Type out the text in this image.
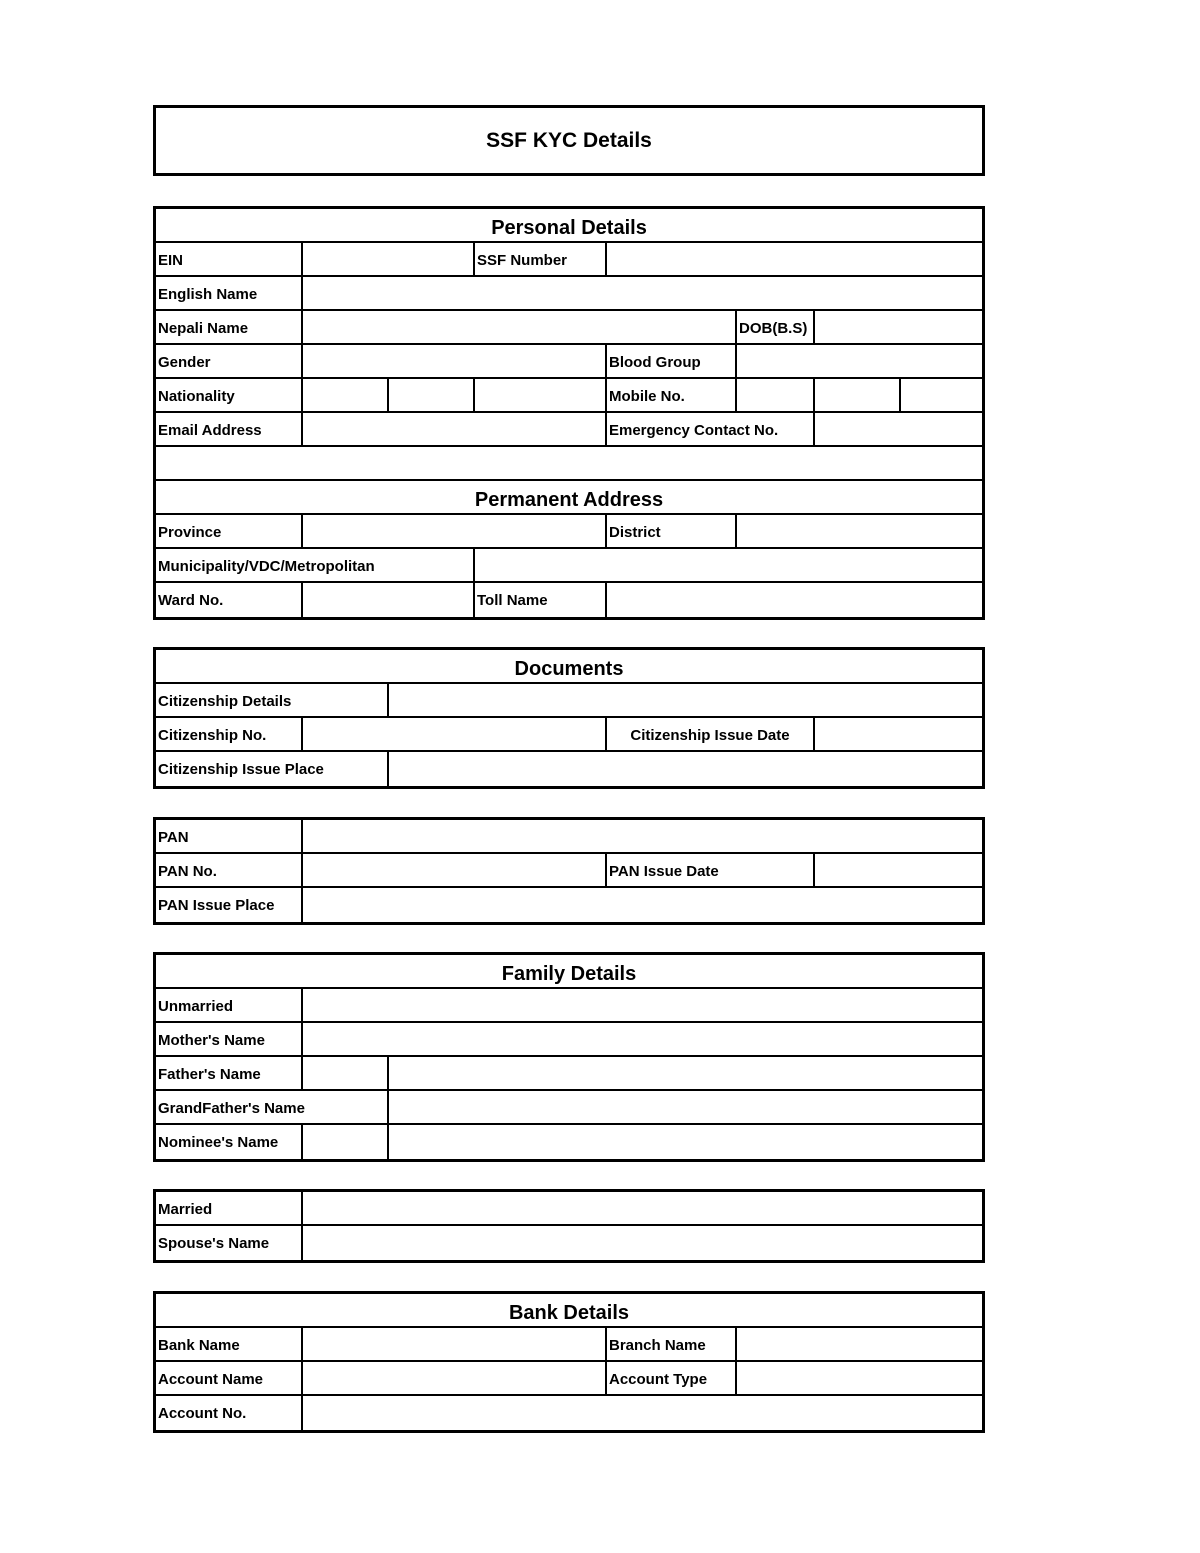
SSF KYC Details
Personal Details
EIN	SSF Number
English Name
Nepali Name	DOB(B.S)
Gender	Blood Group
Nationality	Mobile No.
Email Address	Emergency Contact No.
Permanent Address
Province	District
Municipality/VDC/Metropolitan
Ward No.	Toll Name
Documents
Citizenship Details
Citizenship No.	Citizenship Issue Date
Citizenship Issue Place
PAN
PAN No.	PAN Issue Date
PAN Issue Place
Family Details
Unmarried
Mother's Name
Father's Name
GrandFather's Name
Nominee's Name
Married
Spouse's Name
Bank Details
Bank Name	Branch Name
Account Name	Account Type
Account No.
